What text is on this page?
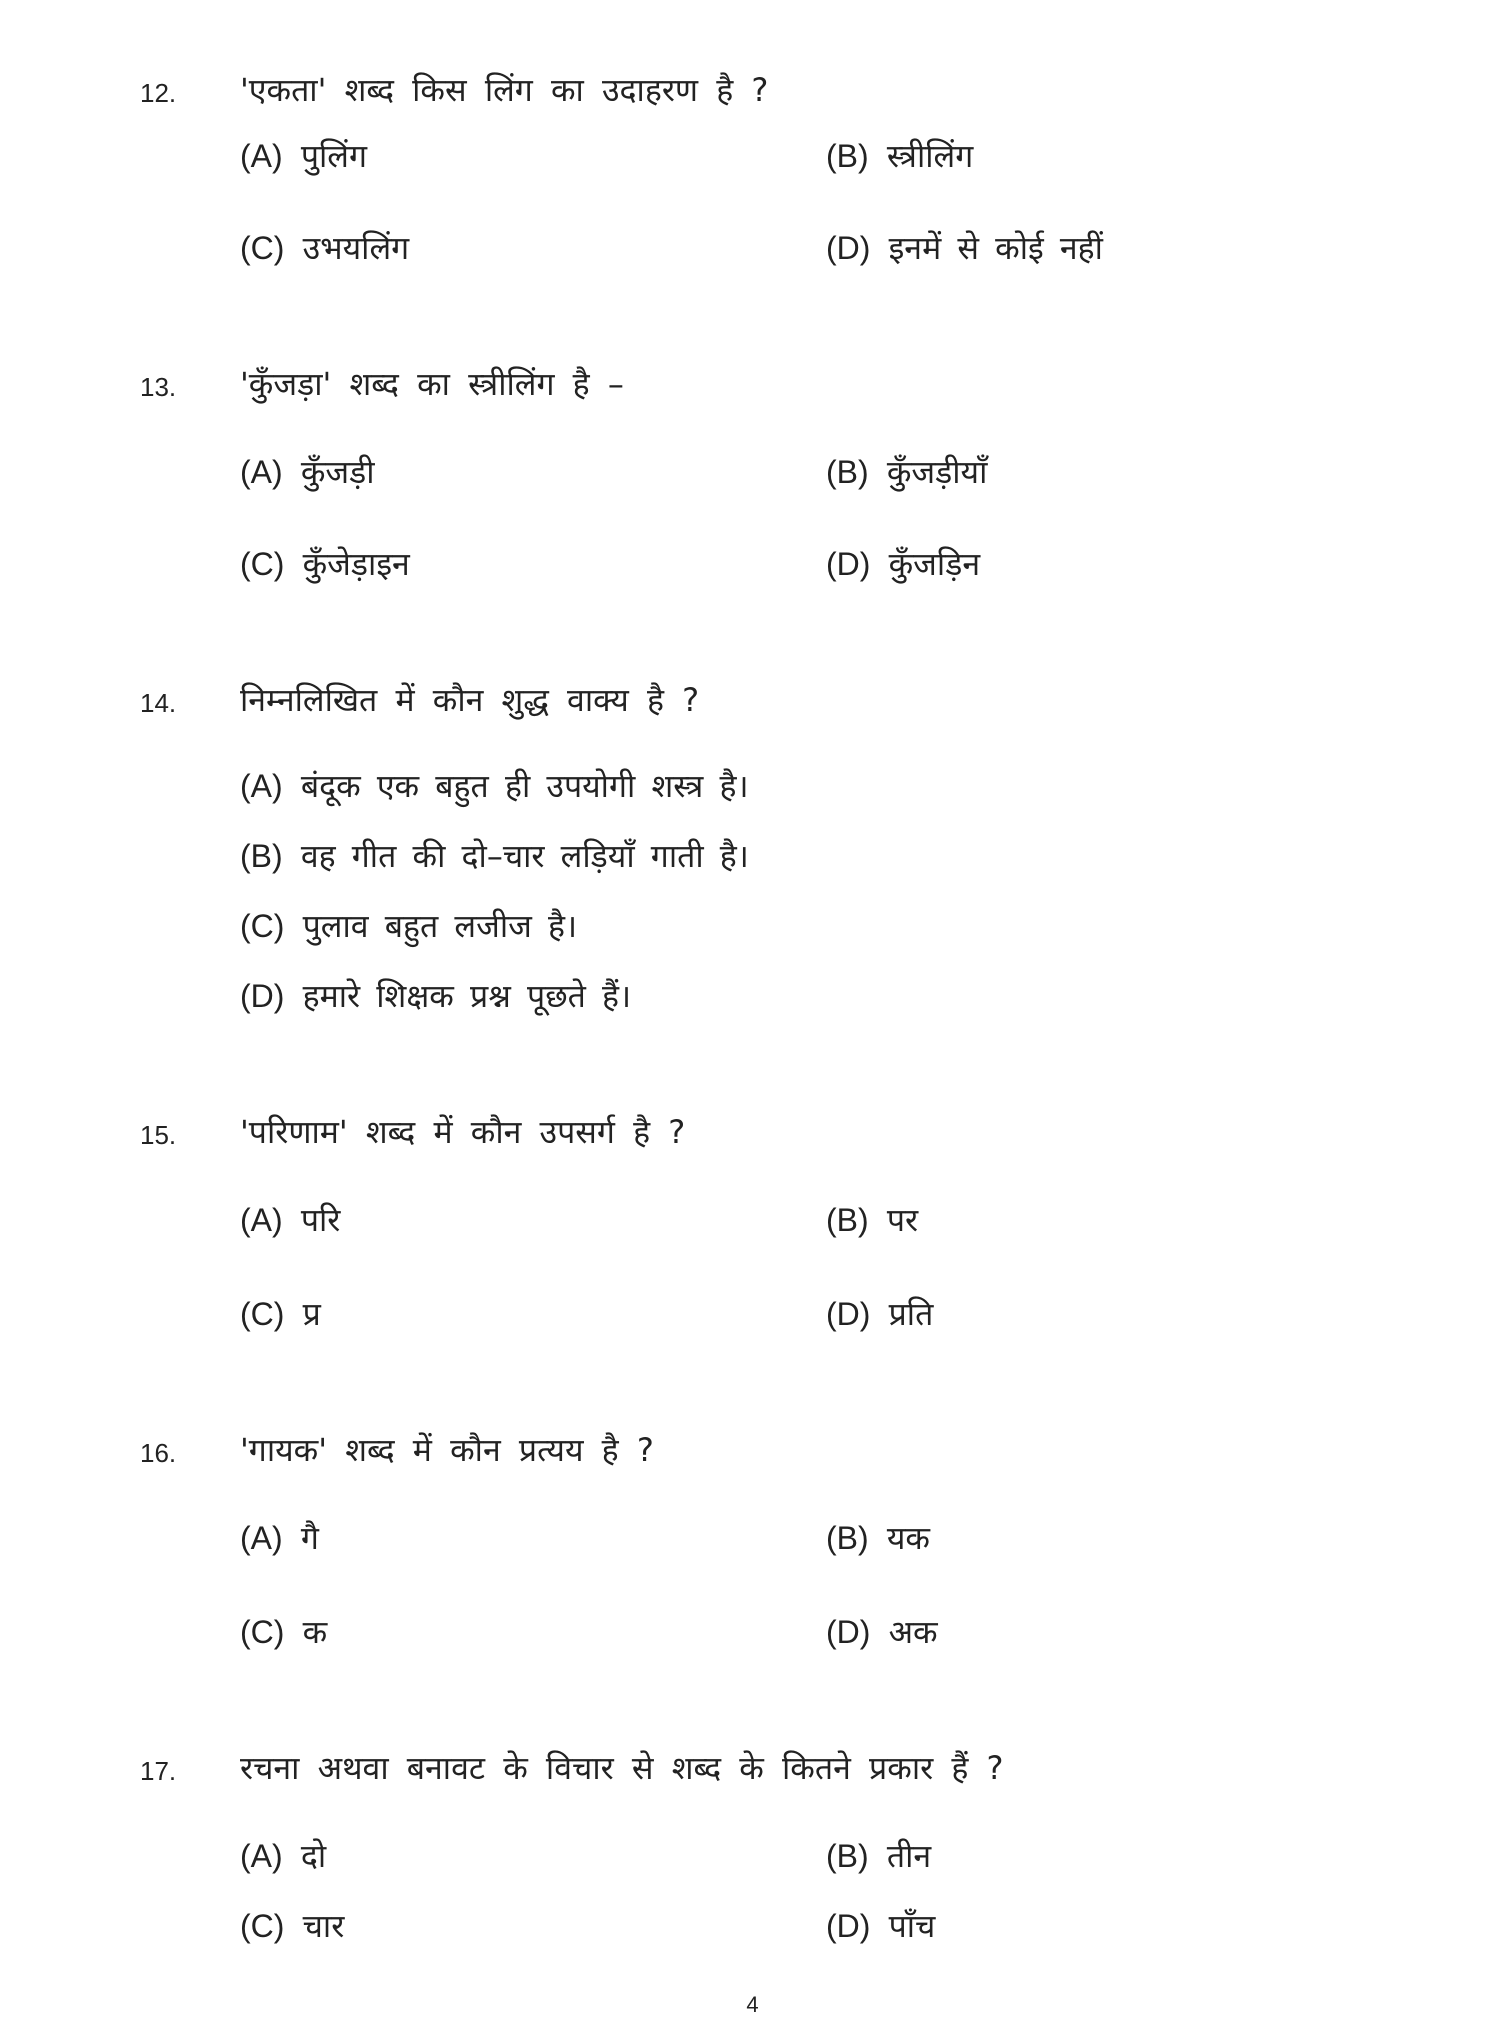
12. 'एकता' शब्द किस लिंग का उदाहरण है ?
(A) पुलिंग	(B) स्त्रीलिंग
(C) उभयलिंग	(D) इनमें से कोई नहीं
13. 'कुँजड़ा' शब्द का स्त्रीलिंग है –
(A) कुँजड़ी	(B) कुँजड़ीयाँ
(C) कुँजेड़ाइन	(D) कुँजड़िन
14. निम्नलिखित में कौन शुद्ध वाक्य है ?
(A) बंदूक एक बहुत ही उपयोगी शस्त्र है।
(B) वह गीत की दो–चार लड़ियाँ गाती है।
(C) पुलाव बहुत लजीज है।
(D) हमारे शिक्षक प्रश्न पूछते हैं।
15. 'परिणाम' शब्द में कौन उपसर्ग है ?
(A) परि	(B) पर
(C) प्र	(D) प्रति
16. 'गायक' शब्द में कौन प्रत्यय है ?
(A) गै	(B) यक
(C) क	(D) अक
17. रचना अथवा बनावट के विचार से शब्द के कितने प्रकार हैं ?
(A) दो	(B) तीन
(C) चार	(D) पाँच
4
